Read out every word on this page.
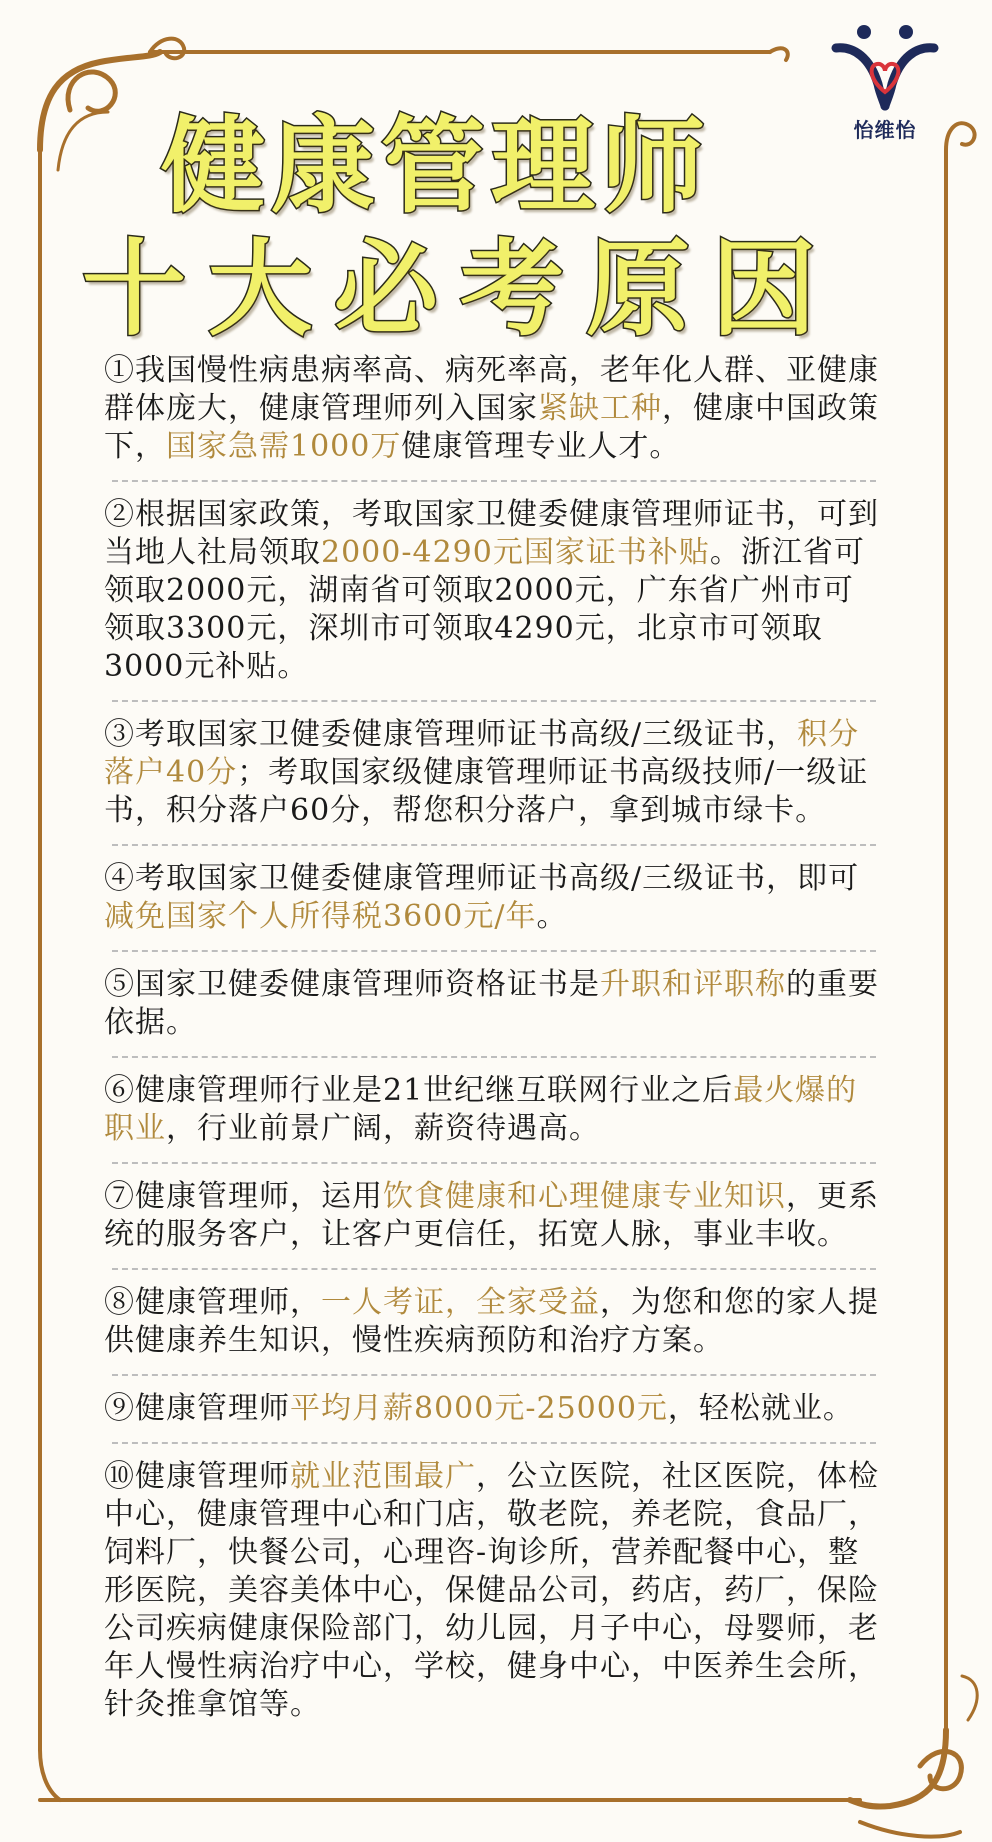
怡维怡
健康管理师
十大必考原因
①我国慢性病患病率高、病死率高，老年化人群、亚健康群体庞大，健康管理师列入国家紧缺工种，健康中国政策下，国家急需1000万健康管理专业人才。
②根据国家政策，考取国家卫健委健康管理师证书，可到当地人社局领取2000-4290元国家证书补贴。浙江省可领取2000元，湖南省可领取2000元，广东省广州市可领取3300元，深圳市可领取4290元，北京市可领取3000元补贴。
③考取国家卫健委健康管理师证书高级/三级证书，积分落户40分；考取国家级健康管理师证书高级技师/一级证书，积分落户60分，帮您积分落户，拿到城市绿卡。
④考取国家卫健委健康管理师证书高级/三级证书，即可减免国家个人所得税3600元/年。
⑤国家卫健委健康管理师资格证书是升职和评职称的重要依据。
⑥健康管理师行业是21世纪继互联网行业之后最火爆的职业，行业前景广阔，薪资待遇高。
⑦健康管理师，运用饮食健康和心理健康专业知识，更系统的服务客户，让客户更信任，拓宽人脉，事业丰收。
⑧健康管理师，一人考证，全家受益，为您和您的家人提供健康养生知识，慢性疾病预防和治疗方案。
⑨健康管理师平均月薪8000元-25000元，轻松就业。
⑩健康管理师就业范围最广，公立医院，社区医院，体检中心，健康管理中心和门店，敬老院，养老院，食品厂，饲料厂，快餐公司，心理咨-询诊所，营养配餐中心，整形医院，美容美体中心，保健品公司，药店，药厂，保险公司疾病健康保险部门，幼儿园，月子中心，母婴师，老年人慢性病治疗中心，学校，健身中心，中医养生会所，针灸推拿馆等。
